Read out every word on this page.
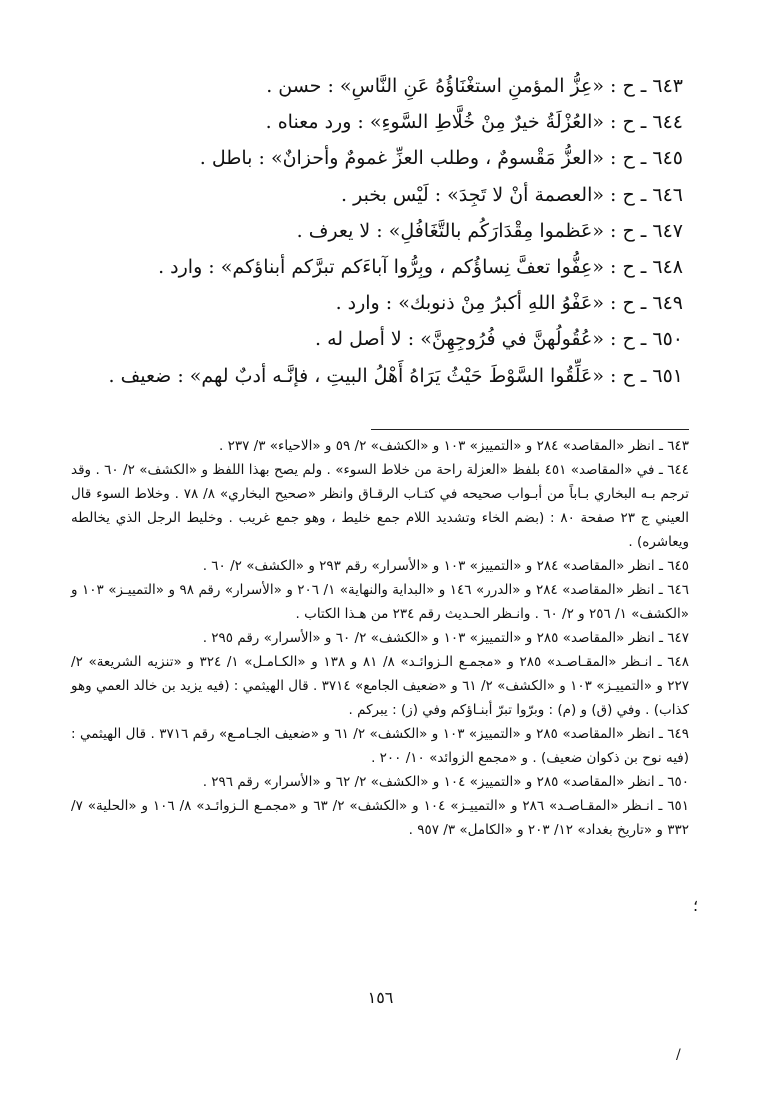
٦٤٣ ـ ح : «عِزُّ المؤمنِ استغْنَاؤُهُ عَنِ النَّاسِ» : حسن .
٦٤٤ ـ ح : «العُزْلَةُ خيرٌ مِنْ خُلَّاطِ السَّوءِ» : ورد معناه .
٦٤٥ ـ ح : «العزُّ مَقْسومٌ ، وطلب العزِّ غمومٌ وأحزانٌ» : باطل .
٦٤٦ ـ ح : «العصمة أنْ لا تَجِدَ» : لَيْس بخبر .
٦٤٧ ـ ح : «عَظموا مِقْدَارَكُم بالتَّغَافُلِ» : لا يعرف .
٦٤٨ ـ ح : «عِفُّوا تعفَّ نِساؤُكم ، وبِرُّوا آباءَكم تبرَّكم أبناؤكم» : وارد .
٦٤٩ ـ ح : «عَفْوُ اللهِ أكبرُ مِنْ ذنوبك» : وارد .
٦٥٠ ـ ح : «عُقُولُهنَّ في فُرُوجِهِنَّ» : لا أصل له .
٦٥١ ـ ح : «عَلِّقُوا السَّوْطَ حَيْثُ يَرَاهُ أَهْلُ البيتِ ، فإنَّـه أدبٌ لهم» : ضعيف .

٦٤٣ ـ انظر «المقاصد» ٢٨٤ و «التمييز» ١٠٣ و «الكشف» ٢/ ٥٩ و «الاحياء» ٣/ ٢٣٧ .

٦٤٤ ـ في «المقاصد» ٤٥١ بلفظ «العزلة راحة من خلاط السوء» . ولم يصح بهذا اللفظ و «الكشف» ٢/ ٦٠ . وقد ترجم بـه البخاري بـاباً من أبـواب صحيحه في كتـاب الرقـاق وانظر «صحيح البخاري» ٨/ ٧٨ . وخلاط السوء قال العيني ج ٢٣ صفحة ٨٠ : (بضم الخاء وتشديد اللام جمع خليط ، وهو جمع غريب . وخليط الرجل الذي يخالطه ويعاشره) .

٦٤٥ ـ انظر «المقاصد» ٢٨٤ و «التمييز» ١٠٣ و «الأسرار» رقم ٢٩٣ و «الكشف» ٢/ ٦٠ .

٦٤٦ ـ انظر «المقاصد» ٢٨٤ و «الدرر» ١٤٦ و «البداية والنهاية» ١/ ٢٠٦ و «الأسرار» رقم ٩٨ و «التمييـز» ١٠٣ و «الكشف» ١/ ٢٥٦ و ٢/ ٦٠ . وانـظر الحـديث رقم ٢٣٤ من هـذا الكتاب .

٦٤٧ ـ انظر «المقاصد» ٢٨٥ و «التمييز» ١٠٣ و «الكشف» ٢/ ٦٠ و «الأسرار» رقم ٢٩٥ .

٦٤٨ ـ انـظر «المقـاصـد» ٢٨٥ و «مجمـع الـزوائـد» ٨/ ٨١ و ١٣٨ و «الكـامـل» ١/ ٣٢٤ و «تنزيه الشريعة» ٢/ ٢٢٧ و «التمييـز» ١٠٣ و «الكشف» ٢/ ٦١ و «ضعيف الجامع» ٣٧١٤ . قال الهيثمي : (فيه يزيد بن خالد العمي وهو كذاب) . وفي (ق) و (م) : وبرّوا تبرّ أبنـاؤكم وفي (ز) : يبركم .

٦٤٩ ـ انظر «المقاصد» ٢٨٥ و «التمييز» ١٠٣ و «الكشف» ٢/ ٦١ و «ضعيف الجـامـع» رقم ٣٧١٦ . قال الهيثمي : (فيه نوح بن ذكوان ضعيف) . و «مجمع الزوائد» ١٠/ ٢٠٠ .

٦٥٠ ـ انظر «المقاصد» ٢٨٥ و «التمييز» ١٠٤ و «الكشف» ٢/ ٦٢ و «الأسرار» رقم ٢٩٦ .

٦٥١ ـ انـظر «المقـاصـد» ٢٨٦ و «التمييـز» ١٠٤ و «الكشف» ٢/ ٦٣ و «مجمـع الـزوائـد» ٨/ ١٠٦ و «الحلية» ٧/ ٣٣٢ و «تاريخ بغداد» ١٢/ ٢٠٣ و «الكامل» ٣/ ٩٥٧ .

؛
١٥٦
/
